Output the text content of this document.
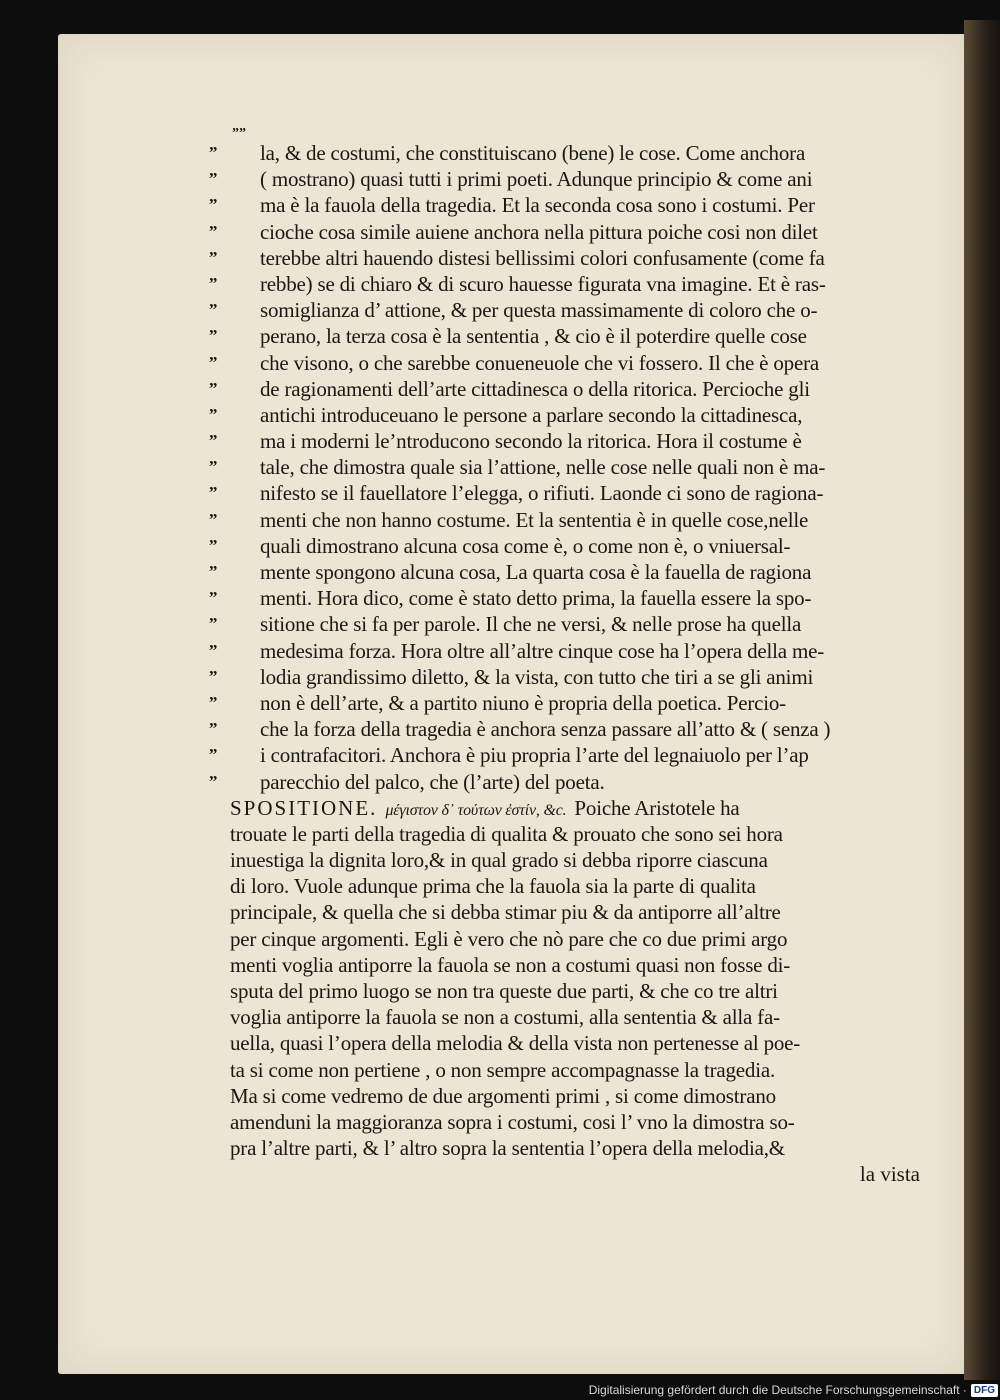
””
”	la, & de costumi, che constituiscano (bene) le cose. Come anchora
”	( mostrano) quasi tutti i primi poeti. Adunque principio & come ani
”	ma è la fauola della tragedia. Et la seconda cosa sono i costumi. Per
”	cioche cosa simile auiene anchora nella pittura poiche cosi non dilet
”	terebbe altri hauendo distesi bellissimi colori confusamente (come fa
”	rebbe) se di chiaro & di scuro hauesse figurata vna imagine. Et è ras-
”	somiglianza d’ attione, & per questa massimamente di coloro che o-
”	perano, la terza cosa è la sententia , & cio è il poterdire quelle cose
”	che visono, o che sarebbe conueneuole che vi fossero. Il che è opera
”	de ragionamenti dell’arte cittadinesca o della ritorica. Percioche gli
”	antichi introduceuano le persone a parlare secondo la cittadinesca,
”	ma i moderni le’ntroducono secondo la ritorica. Hora il costume è
”	tale, che dimostra quale sia l’attione, nelle cose nelle quali non è ma-
”	nifesto se il fauellatore l’elegga, o rifiuti. Laonde ci sono de ragiona-
”	menti che non hanno costume. Et la sententia è in quelle cose,nelle
”	quali dimostrano alcuna cosa come è, o come non è, o vniuersal-
”	mente spongono alcuna cosa, La quarta cosa è la fauella de ragiona
”	menti. Hora dico, come è stato detto prima, la fauella essere la spo-
”	sitione che si fa per parole. Il che ne versi, & nelle prose ha quella
”	medesima forza. Hora oltre all’altre cinque cose ha l’opera della me-
”	lodia grandissimo diletto, & la vista, con tutto che tiri a se gli animi
”	non è dell’arte, & a partito niuno è propria della poetica. Percio-
”	che la forza della tragedia è anchora senza passare all’atto & ( senza )
”	i contrafacitori. Anchora è piu propria l’arte del legnaiuolo per l’ap
”	parecchio del palco, che (l’arte) del poeta.
SPOSITIONE. μέγιστον δ᾽ τούτων ἐστίν, &c. Poiche Aristotele ha
trouate le parti della tragedia di qualita & prouato che sono sei hora
inuestiga la dignita loro,& in qual grado si debba riporre ciascuna
di loro. Vuole adunque prima che la fauola sia la parte di qualita
principale, & quella che si debba stimar piu & da antiporre all’altre
per cinque argomenti. Egli è vero che nò pare che co due primi argo
menti voglia antiporre la fauola se non a costumi quasi non fosse di-
sputa del primo luogo se non tra queste due parti, & che co tre altri
voglia antiporre la fauola se non a costumi, alla sententia & alla fa-
uella, quasi l’opera della melodia & della vista non pertenesse al poe-
ta si come non pertiene , o non sempre accompagnasse la tragedia.
Ma si come vedremo de due argomenti primi , si come dimostrano
amenduni la maggioranza sopra i costumi, cosi l’ vno la dimostra so-
pra l’altre parti, & l’ altro sopra la sententia l’opera della melodia,&
la vista
Digitalisierung gefördert durch die Deutsche Forschungsgemeinschaft · DFG
